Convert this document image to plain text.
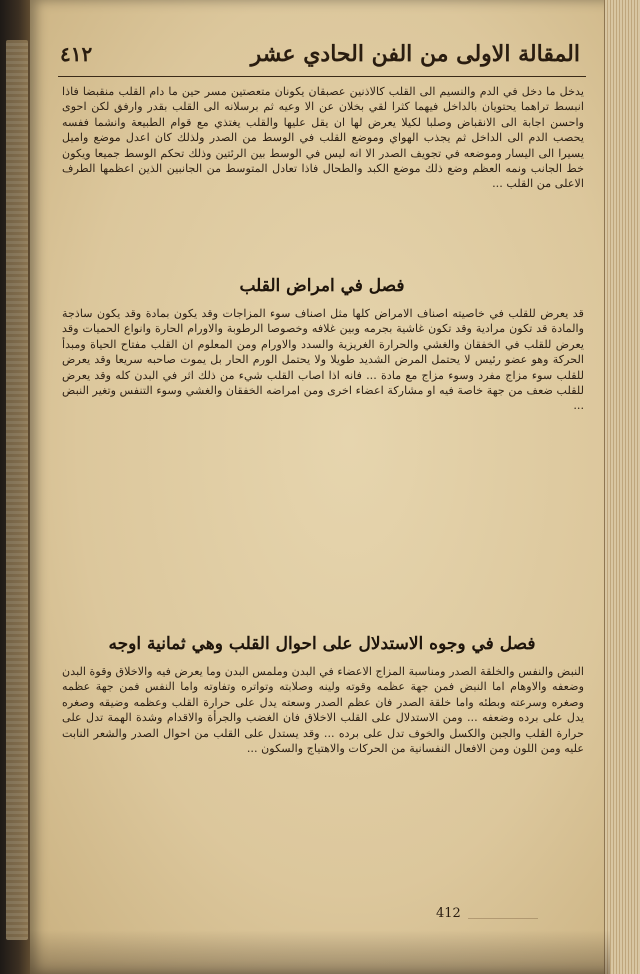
المقالة الاولى من الفن الحادي عشر
٤١٢
يدخل ما دخل في الدم والنسيم الى القلب كالاذنين عصبقان يكونان متعصتين مسر حين ما دام القلب منقبضا فاذا انبسط تراهما يحتويان بالداخل فيهما كثرا لقي بخلان عن الا وعيه ثم برسلانه الى القلب بقدر وارفق لكن احوى واحسن اجابة الى الانقباض وصلبا لكيلا يعرض لها ان يقل عليها والقلب يغتذي مع قوام الطبيعة وانشما ففسه يحصب الدم الى الداخل ثم يجذب الهواي وموضع القلب في الوسط من الصدر ولذلك كان اعدل موضع واميل يسيرا الى اليسار وموضعه في تجويف الصدر الا انه ليس في الوسط بين الرئتين وذلك تحكم الوسط جميعا ويكون خط الجانب ونمه العظم وضع ذلك موضع الكبد والطحال فاذا تعادل المتوسط من الجانبين الذين اعظمها الطرف الاعلى من القلب ...
فصل في امراض القلب
قد يعرض للقلب في خاصيته اصناف الامراض كلها مثل اصناف سوء المزاجات وقد يكون بمادة وقد يكون ساذجة والمادة قد تكون مرادية وقد تكون غاشية بجرمه وبين غلافه وخصوصا الرطوبة والاورام الحارة وانواع الحميات وقد يعرض للقلب في الخفقان والغشي والحرارة الغريزية والسدد والاورام ومن المعلوم ان القلب مفتاح الحياة ومبدأ الحركة وهو عضو رئيس لا يحتمل المرض الشديد طويلا ولا يحتمل الورم الحار بل يموت صاحبه سريعا وقد يعرض للقلب سوء مزاج مفرد وسوء مزاج مع مادة ... فانه اذا اصاب القلب شيء من ذلك اثر في البدن كله وقد يعرض للقلب ضعف من جهة خاصة فيه او مشاركة اعضاء اخرى ومن امراضه الخفقان والغشي وسوء التنفس وتغير النبض ...
فصل في وجوه الاستدلال على احوال القلب وهي ثمانية اوجه
النبض والنفس والخلقة الصدر ومناسبة المزاج الاعضاء في البدن وملمس البدن وما يعرض فيه والاخلاق وقوة البدن وضعفه والاوهام اما النبض فمن جهة عظمه وقوته ولينه وصلابته وتواتره وتفاوته واما النفس فمن جهة عظمه وصغره وسرعته وبطئه واما خلقة الصدر فان عظم الصدر وسعته يدل على حرارة القلب وعظمه وضيقه وصغره يدل على برده وضعفه ... ومن الاستدلال على القلب الاخلاق فان الغضب والجرأة والاقدام وشدة الهمة تدل على حرارة القلب والجبن والكسل والخوف تدل على برده ... وقد يستدل على القلب من احوال الصدر والشعر النابت عليه ومن اللون ومن الافعال النفسانية من الحركات والاهتياج والسكون ...
412
